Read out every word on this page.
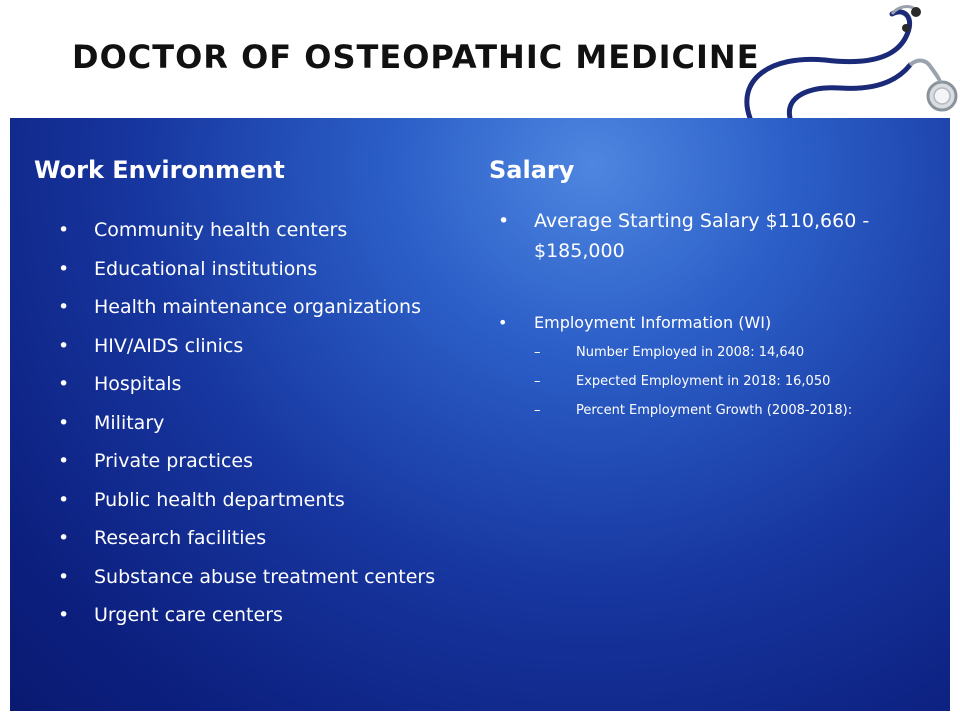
DOCTOR OF OSTEOPATHIC MEDICINE
Work Environment
• Community health centers
• Educational institutions
• Health maintenance organizations
• HIV/AIDS clinics
• Hospitals
• Military
• Private practices
• Public health departments
• Research facilities
• Substance abuse treatment centers
• Urgent care centers
Salary
• Average Starting Salary $110,660 - $185,000
• Employment Information (WI)
– Number Employed in 2008: 14,640
– Expected Employment in 2018: 16,050
– Percent Employment Growth (2008-2018):
